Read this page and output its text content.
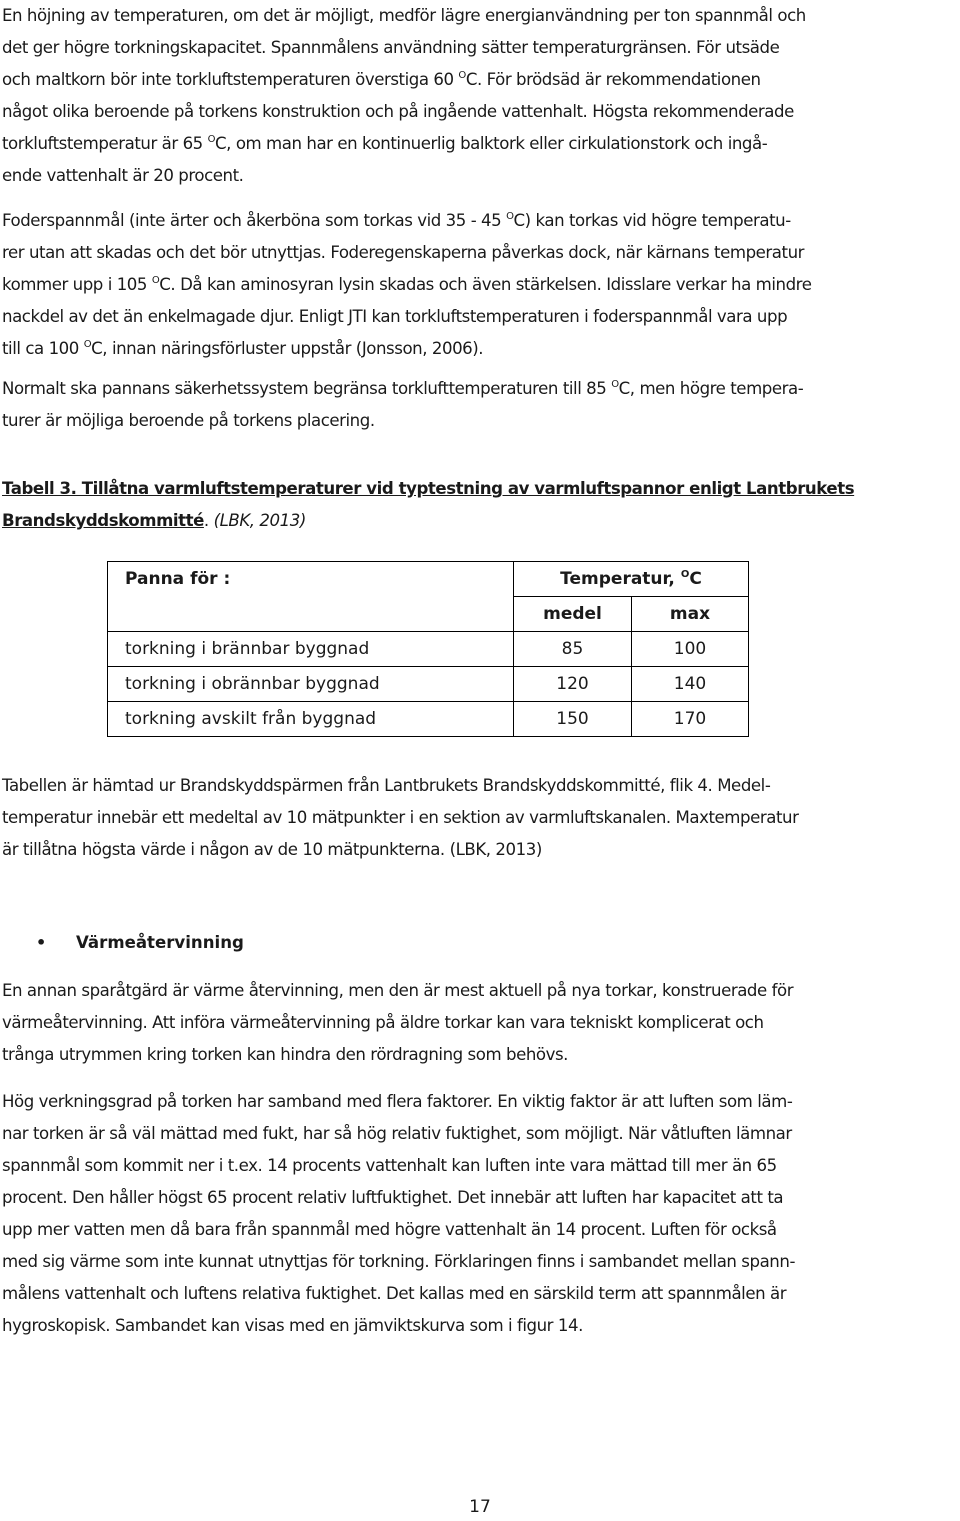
En höjning av temperaturen, om det är möjligt, medför lägre energianvändning per ton spannmål och
det ger högre torkningskapacitet. Spannmålens användning sätter temperaturgränsen. För utsäde
och maltkorn bör inte torkluftstemperaturen överstiga 60 $^O$C. För brödsäd är rekommendationen
något olika beroende på torkens konstruktion och på ingående vattenhalt. Högsta rekommenderade
torkluftstemperatur är 65 $^O$C, om man har en kontinuerlig balktork eller cirkulationstork och ingå-
ende vattenhalt är 20 procent.

Foderspannmål (inte ärter och åkerböna som torkas vid 35 - 45 $^O$C) kan torkas vid högre temperatu-
rer utan att skadas och det bör utnyttjas. Foderegenskaperna påverkas dock, när kärnans temperatur
kommer upp i 105 $^O$C. Då kan aminosyran lysin skadas och även stärkelsen. Idisslare verkar ha mindre
nackdel av det än enkelmagade djur. Enligt JTI kan torkluftstemperaturen i foderspannmål vara upp
till ca 100 $^O$C, innan näringsförluster uppstår (Jonsson, 2006).

Normalt ska pannans säkerhetssystem begränsa torklufttemperaturen till 85 $^O$C, men högre tempera-
turer är möjliga beroende på torkens placering.

Tabell 3. Tillåtna varmluftstemperaturer vid typtestning av varmluftspannor enligt Lantbrukets
Brandskyddskommitté. (LBK, 2013)
Panna för :	Temperatur, $^O$C	
	medel	max
torkning i brännbar byggnad	85	100
torkning i obrännbar byggnad	120	140
torkning avskilt från byggnad	150	170

Tabellen är hämtad ur Brandskyddspärmen från Lantbrukets Brandskyddskommitté, flik 4. Medel-
temperatur innebär ett medeltal av 10 mätpunkter i en sektion av varmluftskanalen. Maxtemperatur
är tillåtna högsta värde i någon av de 10 mätpunkterna. (LBK, 2013)

• Värmeåtervinning

En annan sparåtgärd är värme återvinning, men den är mest aktuell på nya torkar, konstruerade för
värmeåtervinning. Att införa värmeåtervinning på äldre torkar kan vara tekniskt komplicerat och
trånga utrymmen kring torken kan hindra den rördragning som behövs.

Hög verkningsgrad på torken har samband med flera faktorer. En viktig faktor är att luften som läm-
nar torken är så väl mättad med fukt, har så hög relativ fuktighet, som möjligt. När våtluften lämnar
spannmål som kommit ner i t.ex. 14 procents vattenhalt kan luften inte vara mättad till mer än 65
procent. Den håller högst 65 procent relativ luftfuktighet. Det innebär att luften har kapacitet att ta
upp mer vatten men då bara från spannmål med högre vattenhalt än 14 procent. Luften för också
med sig värme som inte kunnat utnyttjas för torkning. Förklaringen finns i sambandet mellan spann-
målens vattenhalt och luftens relativa fuktighet. Det kallas med en särskild term att spannmålen är
hygroskopisk. Sambandet kan visas med en jämviktskurva som i figur 14.

17
